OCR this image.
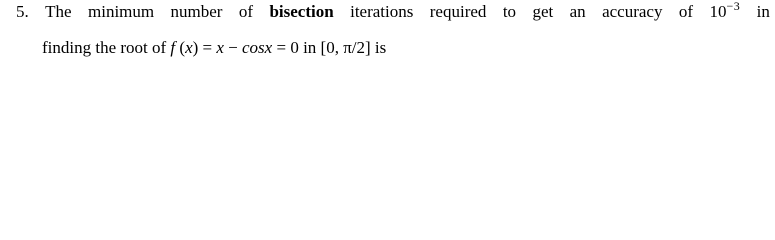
5. The minimum number of bisection iterations required to get an accuracy of $10^{-3}$ in
finding the root of f (x) = x − cosx = 0 in [0, π/2] is
